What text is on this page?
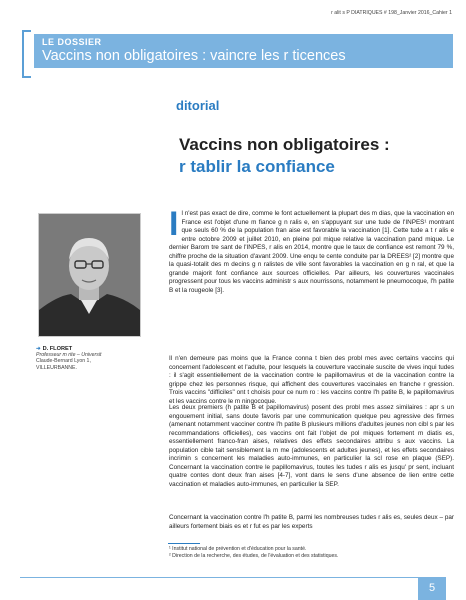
r alit s P DIATRIQUES # 198_Janvier 2016_Cahier 1
LE DOSSIER
Vaccins non obligatoires : vaincre les r ticences
ditorial
Vaccins non obligatoires :
r tablir la confiance
➜ D. FLORET
Professeur m rite – Universit
Claude-Bernard Lyon 1,
VILLEURBANNE.
I l n'est pas exact de dire, comme le font actuellement la plupart des m dias, que la vaccination en France est l'objet d'une m fiance g n ralis e, en s'appuyant sur une tude de l'INPES¹ montrant que seuls 60 % de la population fran aise est favorable la vaccination [1]. Cette tude a t r alis e entre octobre 2009 et juillet 2010, en pleine pol mique relative la vaccination pand mique. Le dernier Barom tre sant de l'INPES, r alis en 2014, montre que le taux de confiance est remont 79 %, chiffre proche de la situation d'avant 2009. Une enqu te cente conduite par la DREES² [2] montre que la quasi-totalit des m decins g n ralistes de ville sont favorables la vaccination en g n ral, et que la grande majorit font confiance aux sources officielles. Par ailleurs, les couvertures vaccinales progressent pour tous les vaccins administr s aux nourrissons, notamment le pneumocoque, l'h patite B et la rougeole [3].

Il n'en demeure pas moins que la France conna t bien des probl mes avec certains vaccins qui concernent l'adolescent et l'adulte, pour lesquels la couverture vaccinale suscite de vives inqui tudes : il s'agit essentiellement de la vaccination contre le papillomavirus et de la vaccination contre la grippe chez les personnes risque, qui affichent des couvertures vaccinales en franche r gression. Trois vaccins "difficiles" ont t choisis pour ce num ro : les vaccins contre l'h patite B, le papillomavirus et les vaccins contre le m ningocoque.

Les deux premiers (h patite B et papillomavirus) posent des probl mes assez similaires : apr s un engouement initial, sans doute favoris par une communication quelque peu agressive des firmes (amenant notamment vacciner contre l'h patite B plusieurs millions d'adultes jeunes non cibl s par les recommandations officielles), ces vaccins ont fait l'objet de pol miques fortement m diatis es, essentiellement franco-fran aises, relatives des effets secondaires attribu s aux vaccins. La population cible tait sensiblement la m me (adolescents et adultes jeunes), et les effets secondaires incrimin s concernent les maladies auto-immunes, en particulier la scl rose en plaque (SEP). Concernant la vaccination contre le papillomavirus, toutes les tudes r alis es jusqu' pr sent, incluant quatre contes dont deux fran aises [4-7], vont dans le sens d'une absence de lien entre cette vaccination et maladies auto-immunes, en particulier la SEP.

Concernant la vaccination contre l'h patite B, parmi les nombreuses tudes r alis es, seules deux – par ailleurs fortement biais es et r fut es par les experts

¹ Institut national de prévention et d'éducation pour la santé.

² Direction de la recherche, des études, de l'évaluation et des statistiques.

5
